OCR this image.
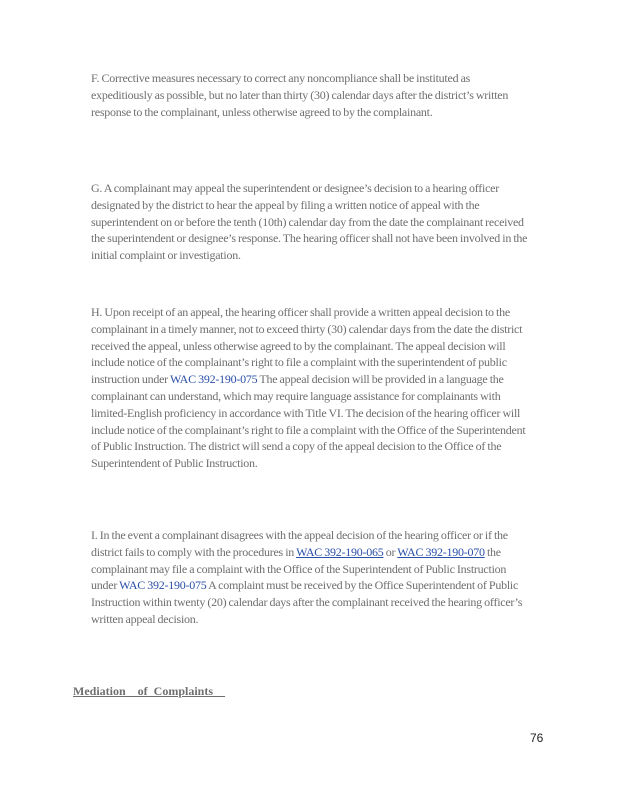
F. Corrective measures necessary to correct any noncompliance shall be instituted as expeditiously as possible, but no later than thirty (30) calendar days after the district’s written response to the complainant, unless otherwise agreed to by the complainant.
G. A complainant may appeal the superintendent or designee’s decision to a hearing officer designated by the district to hear the appeal by filing a written notice of appeal with the superintendent on or before the tenth (10th) calendar day from the date the complainant received the superintendent or designee’s response. The hearing officer shall not have been involved in the initial complaint or investigation.
H. Upon receipt of an appeal, the hearing officer shall provide a written appeal decision to the complainant in a timely manner, not to exceed thirty (30) calendar days from the date the district received the appeal, unless otherwise agreed to by the complainant. The appeal decision will include notice of the complainant’s right to file a complaint with the superintendent of public instruction under WAC 392-190-075 The appeal decision will be provided in a language the complainant can understand, which may require language assistance for complainants with limited-English proficiency in accordance with Title VI. The decision of the hearing officer will include notice of the complainant’s right to file a complaint with the Office of the Superintendent of Public Instruction. The district will send a copy of the appeal decision to the Office of the Superintendent of Public Instruction.
I. In the event a complainant disagrees with the appeal decision of the hearing officer or if the district fails to comply with the procedures in WAC 392-190-065 or WAC 392-190-070 the complainant may file a complaint with the Office of the Superintendent of Public Instruction under WAC 392-190-075 A complaint must be received by the Office Superintendent of Public Instruction within twenty (20) calendar days after the complainant received the hearing officer’s written appeal decision.
Mediation    of  Complaints
76
